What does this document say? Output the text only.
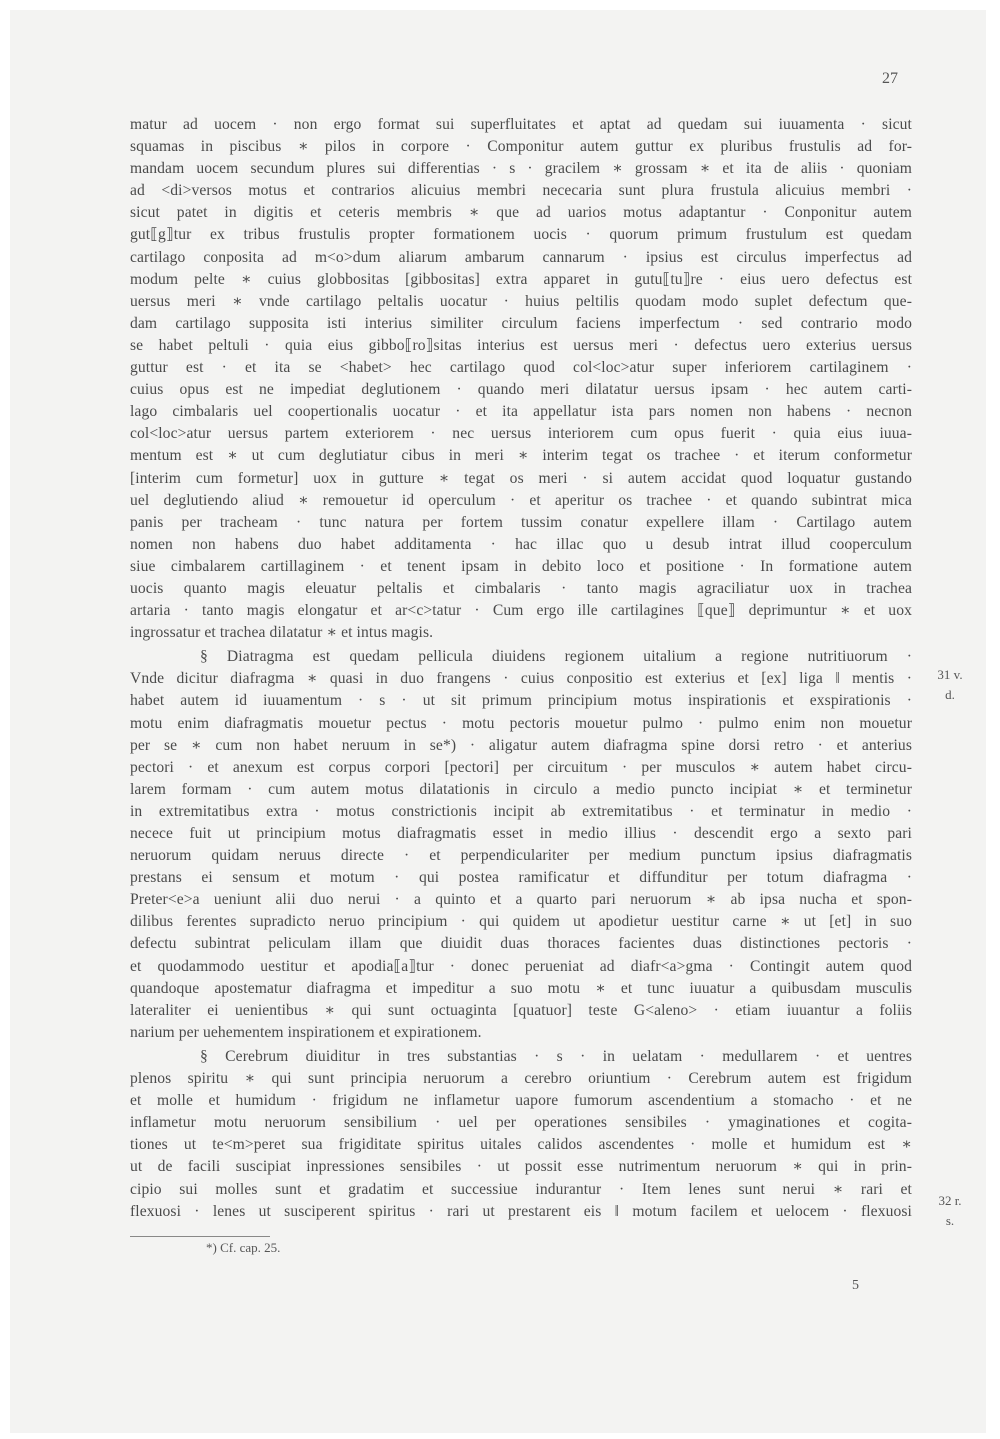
27
matur ad uocem · non ergo format sui superfluitates et aptat ad quedam sui iuuamenta · sicut
squamas in piscibus ∗ pilos in corpore · Componitur autem guttur ex pluribus frustulis ad for-
mandam uocem secundum plures sui differentias · s · gracilem ∗ grossam ∗ et ita de aliis · quoniam
ad <di>versos motus et contrarios alicuius membri nececaria sunt plura frustula alicuius membri ·
sicut patet in digitis et ceteris membris ∗ que ad uarios motus adaptantur · Conponitur autem
gut⟦g⟧tur ex tribus frustulis propter formationem uocis · quorum primum frustulum est quedam
cartilago conposita ad m<o>dum aliarum ambarum cannarum · ipsius est circulus imperfectus ad
modum pelte ∗ cuius globbositas [gibbositas] extra apparet in gutu⟦tu⟧re · eius uero defectus est
uersus meri ∗ vnde cartilago peltalis uocatur · huius peltilis quodam modo suplet defectum que-
dam cartilago supposita isti interius similiter circulum faciens imperfectum · sed contrario modo
se habet peltuli · quia eius gibbo⟦ro⟧sitas interius est uersus meri · defectus uero exterius uersus
guttur est · et ita se <habet> hec cartilago quod col<loc>atur super inferiorem cartilaginem ·
cuius opus est ne impediat deglutionem · quando meri dilatatur uersus ipsam · hec autem carti-
lago cimbalaris uel coopertionalis uocatur · et ita appellatur ista pars nomen non habens · necnon
col<loc>atur uersus partem exteriorem · nec uersus interiorem cum opus fuerit · quia eius iuua-
mentum est ∗ ut cum deglutiatur cibus in meri ∗ interim tegat os trachee · et iterum conformetur
[interim cum formetur] uox in gutture ∗ tegat os meri · si autem accidat quod loquatur gustando
uel deglutiendo aliud ∗ remouetur id operculum · et aperitur os trachee · et quando subintrat mica
panis per tracheam · tunc natura per fortem tussim conatur expellere illam · Cartilago autem
nomen non habens duo habet additamenta · hac illac quo u desub intrat illud cooperculum
siue cimbalarem cartillaginem · et tenent ipsam in debito loco et positione · In formatione autem
uocis quanto magis eleuatur peltalis et cimbalaris · tanto magis agraciliatur uox in trachea
artaria · tanto magis elongatur et ar<c>tatur · Cum ergo ille cartilagines ⟦que⟧ deprimuntur ∗ et uox
ingrossatur et trachea dilatatur ∗ et intus magis.
§ Diatragma est quedam pellicula diuidens regionem uitalium a regione nutritiuorum ·
Vnde dicitur diafragma ∗ quasi in duo frangens · cuius conpositio est exterius et [ex] liga ‖ mentis ·
habet autem id iuuamentum · s · ut sit primum principium motus inspirationis et exspirationis ·
motu enim diafragmatis mouetur pectus · motu pectoris mouetur pulmo · pulmo enim non mouetur
per se ∗ cum non habet neruum in se*) · aligatur autem diafragma spine dorsi retro · et anterius
pectori · et anexum est corpus corpori [pectori] per circuitum · per musculos ∗ autem habet circu-
larem formam · cum autem motus dilatationis in circulo a medio puncto incipiat ∗ et terminetur
in extremitatibus extra · motus constrictionis incipit ab extremitatibus · et terminatur in medio ·
necece fuit ut principium motus diafragmatis esset in medio illius · descendit ergo a sexto pari
neruorum quidam neruus directe · et perpendiculariter per medium punctum ipsius diafragmatis
prestans ei sensum et motum · qui postea ramificatur et diffunditur per totum diafragma ·
Preter<e>a ueniunt alii duo nerui · a quinto et a quarto pari neruorum ∗ ab ipsa nucha et spon-
dilibus ferentes supradicto neruo principium · qui quidem ut apodietur uestitur carne ∗ ut [et] in suo
defectu subintrat peliculam illam que diuidit duas thoraces facientes duas distinctiones pectoris ·
et quodammodo uestitur et apodia⟦a⟧tur · donec perueniat ad diafr<a>gma · Contingit autem quod
quandoque apostematur diafragma et impeditur a suo motu ∗ et tunc iuuatur a quibusdam musculis
lateraliter ei uenientibus ∗ qui sunt octuaginta [quatuor] teste G<aleno> · etiam iuuantur a foliis
narium per uehementem inspirationem et expirationem.
§ Cerebrum diuiditur in tres substantias · s · in uelatam · medullarem · et uentres
plenos spiritu ∗ qui sunt principia neruorum a cerebro oriuntium · Cerebrum autem est frigidum
et molle et humidum · frigidum ne inflametur uapore fumorum ascendentium a stomacho · et ne
inflametur motu neruorum sensibilium · uel per operationes sensibiles · ymaginationes et cogita-
tiones ut te<m>peret sua frigiditate spiritus uitales calidos ascendentes · molle et humidum est ∗
ut de facili suscipiat inpressiones sensibiles · ut possit esse nutrimentum neruorum ∗ qui in prin-
cipio sui molles sunt et gradatim et successiue indurantur · Item lenes sunt nerui ∗ rari et
flexuosi · lenes ut susciperent spiritus · rari ut prestarent eis ‖ motum facilem et uelocem · flexuosi
31 v.
d.
32 r.
s.
*) Cf. cap. 25.
5
